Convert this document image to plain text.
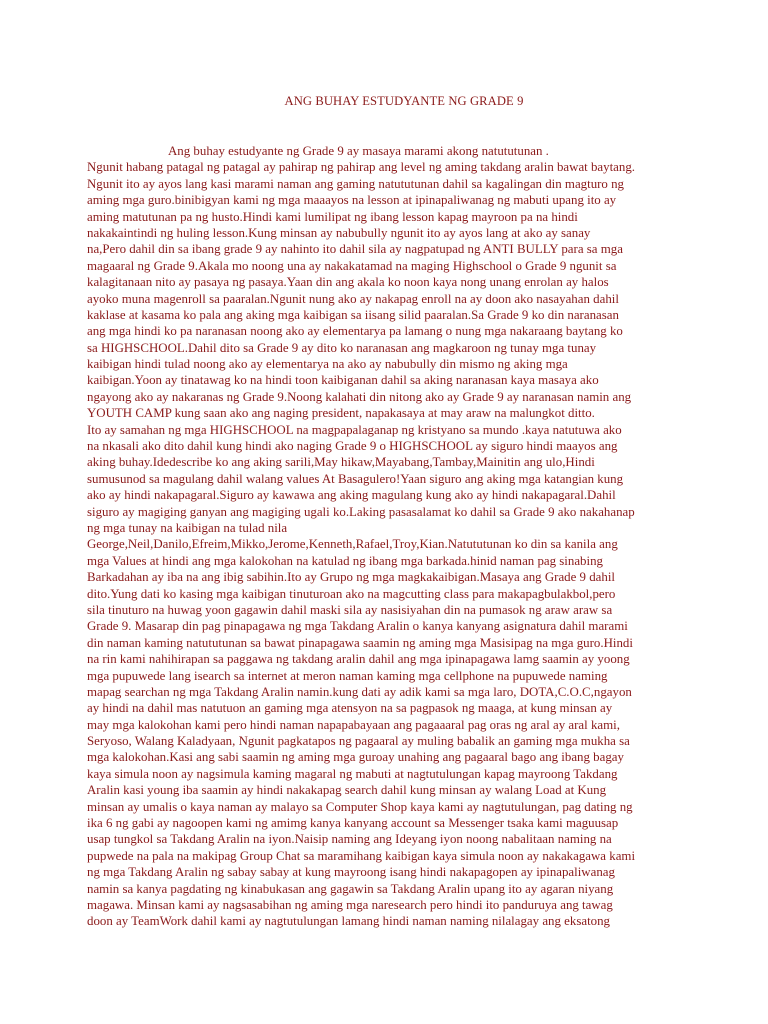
ANG BUHAY ESTUDYANTE NG GRADE 9
Ang buhay estudyante ng Grade 9 ay masaya marami akong natututunan .
Ngunit habang patagal ng patagal ay pahirap ng pahirap ang level ng aming takdang aralin bawat baytang.
Ngunit ito ay ayos lang kasi marami naman ang gaming natututunan dahil sa kagalingan din magturo ng
aming mga guro.binibigyan kami ng mga maaayos na lesson at ipinapaliwanag ng mabuti upang ito ay
aming matutunan pa ng husto.Hindi kami lumilipat ng ibang lesson kapag mayroon pa na hindi
nakakaintindi ng huling lesson.Kung minsan ay nabubully ngunit ito ay ayos lang at ako ay sanay
na,Pero dahil din sa ibang grade 9 ay nahinto ito dahil sila ay nagpatupad ng ANTI BULLY para sa mga
magaaral ng Grade 9.Akala mo noong una ay nakakatamad na maging Highschool o Grade 9 ngunit sa
kalagitanaan nito ay pasaya ng pasaya.Yaan din ang akala ko noon kaya nong unang enrolan ay halos
ayoko muna magenroll sa paaralan.Ngunit nung ako ay nakapag enroll na ay doon ako nasayahan dahil
kaklase at kasama ko pala ang aking mga kaibigan sa iisang silid paaralan.Sa Grade 9 ko din naranasan
ang mga hindi ko pa naranasan noong ako ay elementarya pa lamang o nung mga nakaraang baytang ko
sa HIGHSCHOOL.Dahil dito sa Grade 9 ay dito ko naranasan ang magkaroon ng tunay mga tunay
kaibigan hindi tulad noong ako ay elementarya na ako ay nabubully din mismo ng aking mga
kaibigan.Yoon ay tinatawag ko na hindi toon kaibiganan dahil sa aking naranasan kaya masaya ako
ngayong ako ay nakaranas ng Grade 9.Noong kalahati din nitong ako ay Grade 9 ay naranasan namin ang
YOUTH CAMP kung saan ako ang naging president, napakasaya at may araw na malungkot ditto.
Ito ay samahan ng mga HIGHSCHOOL na magpapalaganap ng kristyano sa mundo .kaya natutuwa ako
na nkasali ako dito dahil kung hindi ako naging Grade 9 o HIGHSCHOOL ay siguro hindi maayos ang
aking buhay.Idedescribe ko ang aking sarili,May hikaw,Mayabang,Tambay,Mainitin ang ulo,Hindi
sumusunod sa magulang dahil walang values At Basagulero!Yaan siguro ang aking mga katangian kung
ako ay hindi nakapagaral.Siguro ay kawawa ang aking magulang kung ako ay hindi nakapagaral.Dahil
siguro ay magiging ganyan ang magiging ugali ko.Laking pasasalamat ko dahil sa Grade 9 ako nakahanap
ng mga tunay na kaibigan na tulad nila
George,Neil,Danilo,Efreim,Mikko,Jerome,Kenneth,Rafael,Troy,Kian.Natututunan ko din sa kanila ang
mga Values at hindi ang mga kalokohan na katulad ng ibang mga barkada.hinid naman pag sinabing
Barkadahan ay iba na ang ibig sabihin.Ito ay Grupo ng mga magkakaibigan.Masaya ang Grade 9 dahil
dito.Yung dati ko kasing mga kaibigan tinuturoan ako na magcutting class para makapagbulakbol,pero
sila tinuturo na huwag yoon gagawin dahil maski sila ay nasisiyahan din na pumasok ng araw araw sa
Grade 9. Masarap din pag pinapagawa ng mga Takdang Aralin o kanya kanyang asignatura dahil marami
din naman kaming natututunan sa bawat pinapagawa saamin ng aming mga Masisipag na mga guro.Hindi
na rin kami nahihirapan sa paggawa ng takdang aralin dahil ang mga ipinapagawa lamg saamin ay yoong
mga pupuwede lang isearch sa internet at meron naman kaming mga cellphone na pupuwede naming
mapag searchan ng mga Takdang Aralin namin.kung dati ay adik kami sa mga laro, DOTA,C.O.C,ngayon
ay hindi na dahil mas natutuon an gaming mga atensyon na sa pagpasok ng maaga, at kung minsan ay
may mga kalokohan kami pero hindi naman napapabayaan ang pagaaaral pag oras ng aral ay aral kami,
Seryoso, Walang Kaladyaan, Ngunit pagkatapos ng pagaaral ay muling babalik an gaming mga mukha sa
mga kalokohan.Kasi ang sabi saamin ng aming mga guroay unahing ang pagaaral bago ang ibang bagay
kaya simula noon ay nagsimula kaming magaral ng mabuti at nagtutulungan kapag mayroong Takdang
Aralin kasi young iba saamin ay hindi nakakapag search dahil kung minsan ay walang Load at Kung
minsan ay umalis o kaya naman ay malayo sa Computer Shop kaya kami ay nagtutulungan, pag dating ng
ika 6 ng gabi ay nagoopen kami ng amimg kanya kanyang account sa Messenger tsaka kami maguusap
usap tungkol sa Takdang Aralin na iyon.Naisip naming ang Ideyang iyon noong nabalitaan naming na
pupwede na pala na makipag Group Chat sa maramihang kaibigan kaya simula noon ay nakakagawa kami
ng mga Takdang Aralin ng sabay sabay at kung mayroong isang hindi nakapagopen ay ipinapaliwanag
namin sa kanya pagdating ng kinabukasan ang gagawin sa Takdang Aralin upang ito ay agaran niyang
magawa. Minsan kami ay nagsasabihan ng aming mga naresearch pero hindi ito panduruya ang tawag
doon ay TeamWork dahil kami ay nagtutulungan lamang hindi naman naming nilalagay ang eksatong
